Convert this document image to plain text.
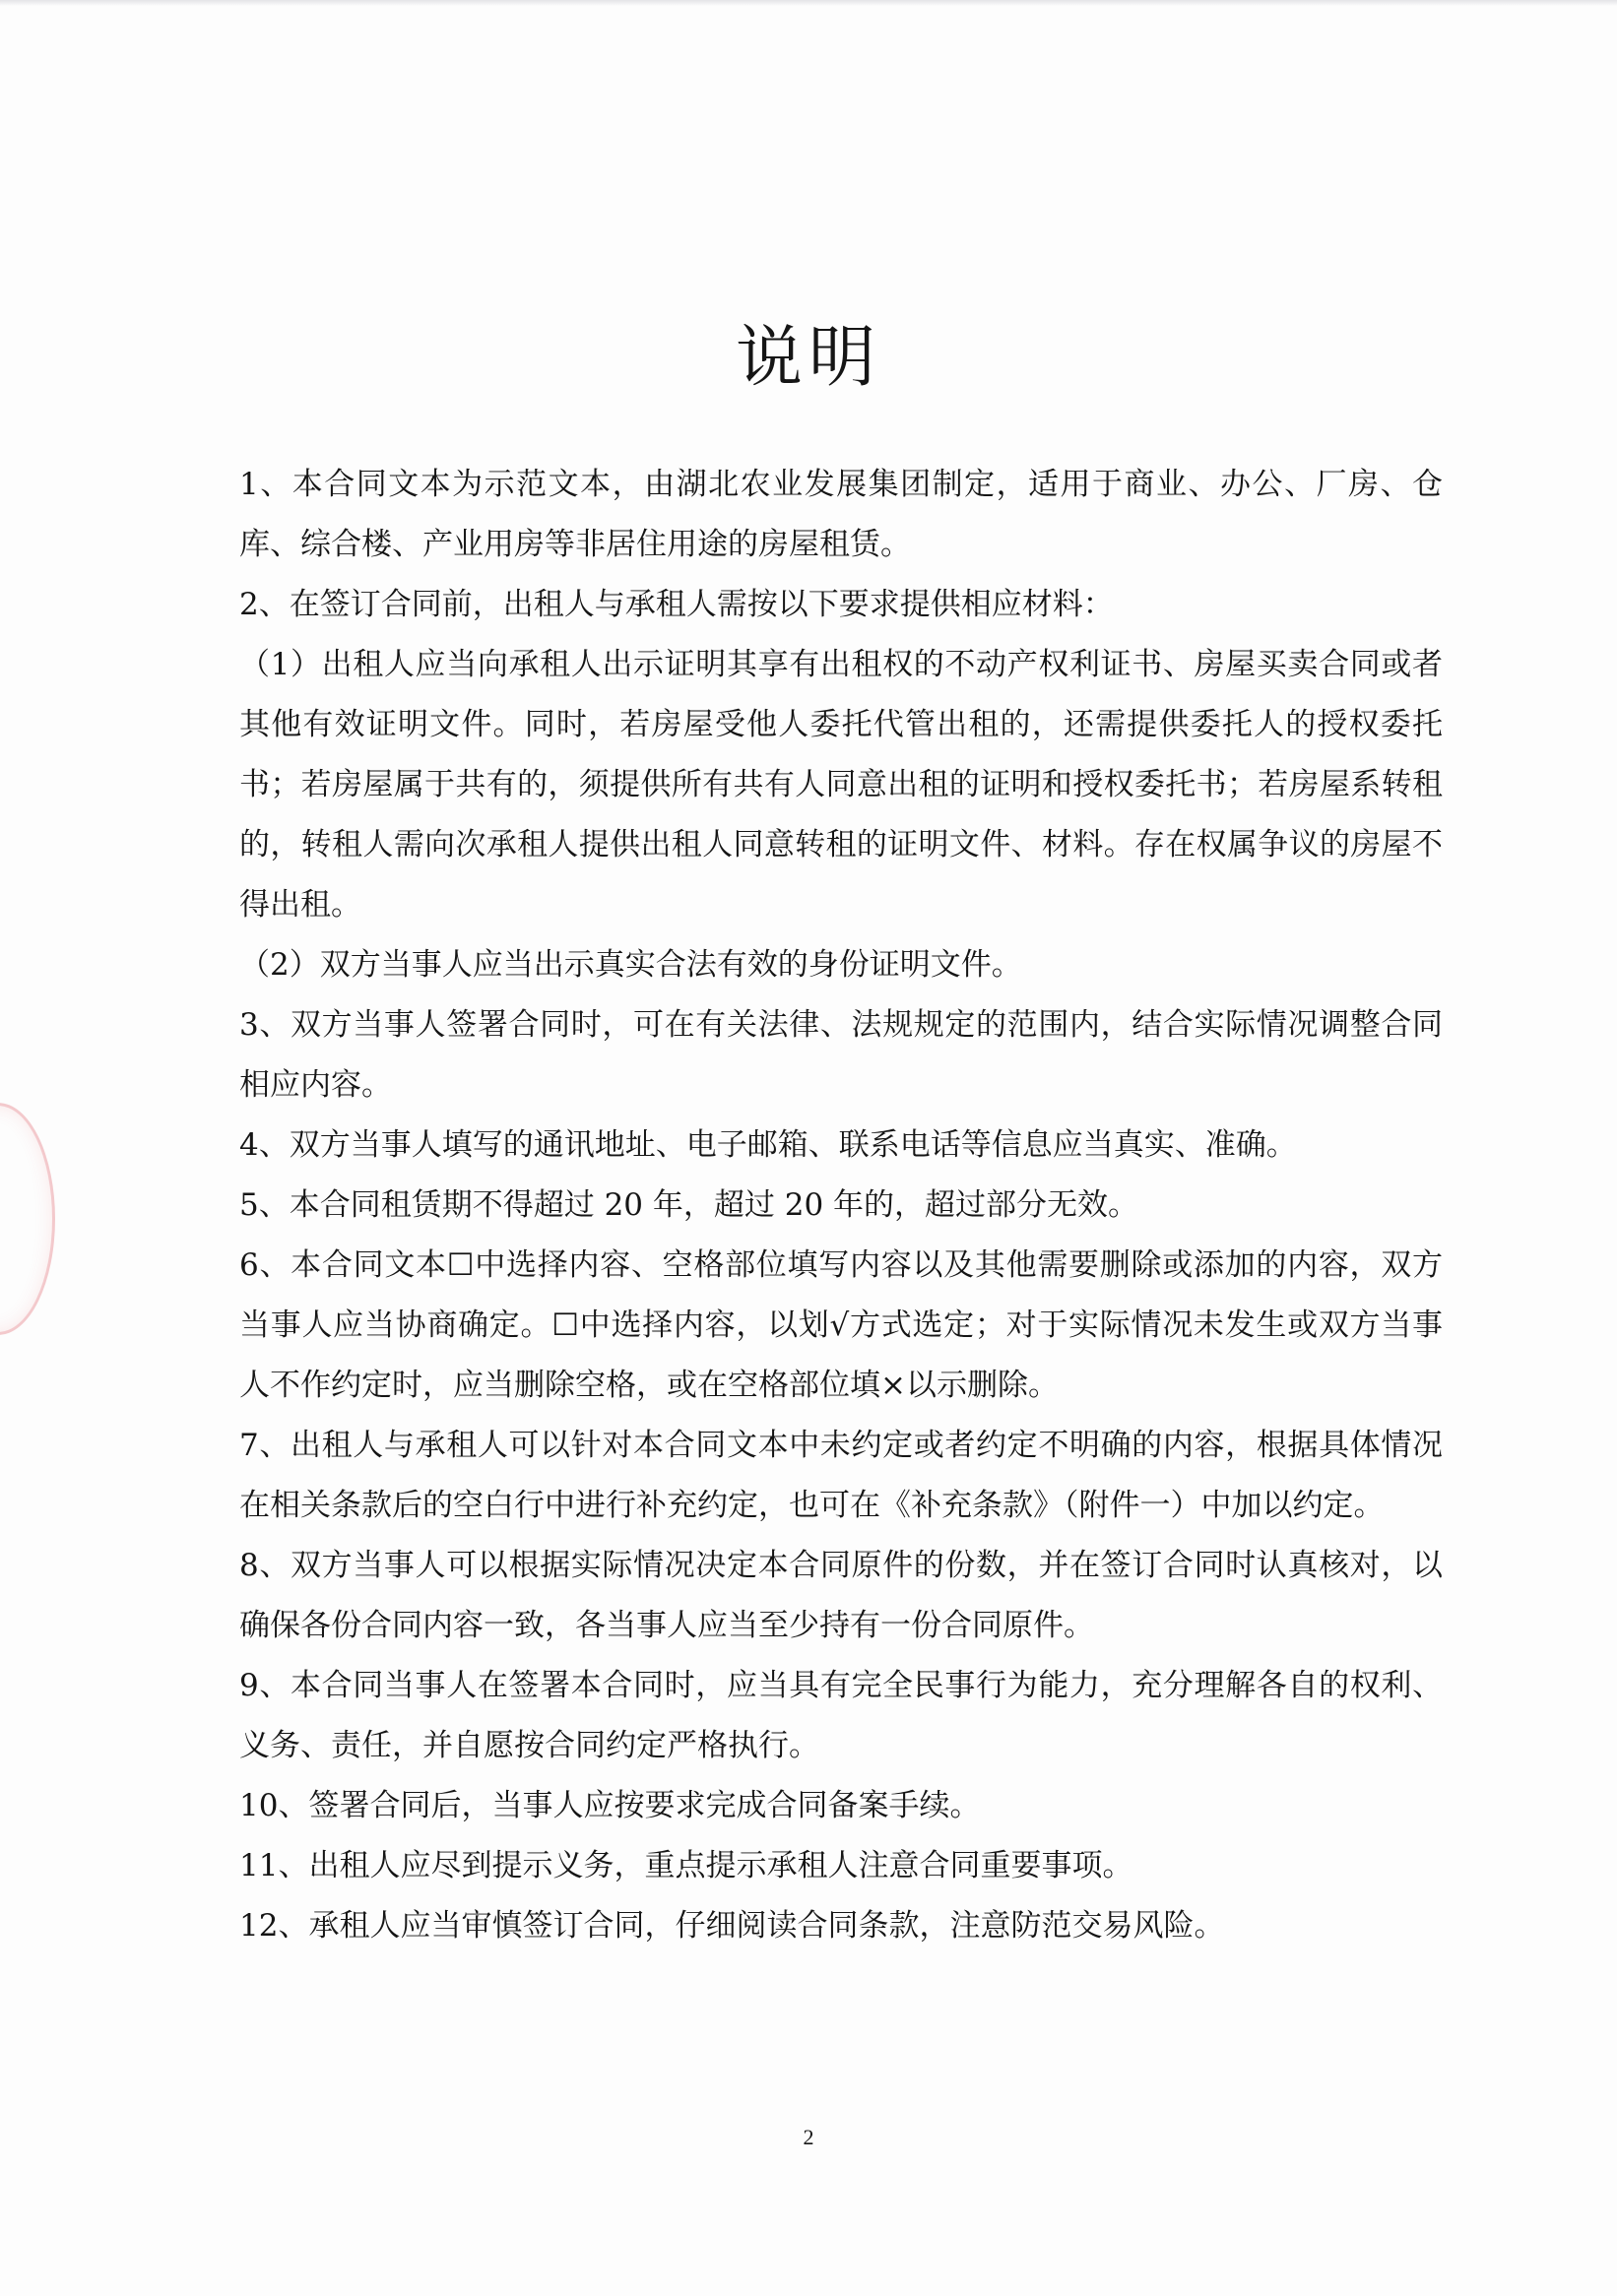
说明

1、本合同文本为示范文本，由湖北农业发展集团制定，适用于商业、办公、厂房、仓库、综合楼、产业用房等非居住用途的房屋租赁。

2、在签订合同前，出租人与承租人需按以下要求提供相应材料：

（1）出租人应当向承租人出示证明其享有出租权的不动产权利证书、房屋买卖合同或者其他有效证明文件。同时，若房屋受他人委托代管出租的，还需提供委托人的授权委托书；若房屋属于共有的，须提供所有共有人同意出租的证明和授权委托书；若房屋系转租的，转租人需向次承租人提供出租人同意转租的证明文件、材料。存在权属争议的房屋不得出租。

（2）双方当事人应当出示真实合法有效的身份证明文件。

3、双方当事人签署合同时，可在有关法律、法规规定的范围内，结合实际情况调整合同相应内容。

4、双方当事人填写的通讯地址、电子邮箱、联系电话等信息应当真实、准确。

5、本合同租赁期不得超过 20 年，超过 20 年的，超过部分无效。

6、本合同文本☐中选择内容、空格部位填写内容以及其他需要删除或添加的内容，双方当事人应当协商确定。☐中选择内容，以划√方式选定；对于实际情况未发生或双方当事人不作约定时，应当删除空格，或在空格部位填×以示删除。

7、出租人与承租人可以针对本合同文本中未约定或者约定不明确的内容，根据具体情况在相关条款后的空白行中进行补充约定，也可在《补充条款》（附件一）中加以约定。

8、双方当事人可以根据实际情况决定本合同原件的份数，并在签订合同时认真核对，以确保各份合同内容一致，各当事人应当至少持有一份合同原件。

9、本合同当事人在签署本合同时，应当具有完全民事行为能力，充分理解各自的权利、义务、责任，并自愿按合同约定严格执行。

10、签署合同后，当事人应按要求完成合同备案手续。

11、出租人应尽到提示义务，重点提示承租人注意合同重要事项。

12、承租人应当审慎签订合同，仔细阅读合同条款，注意防范交易风险。

2
